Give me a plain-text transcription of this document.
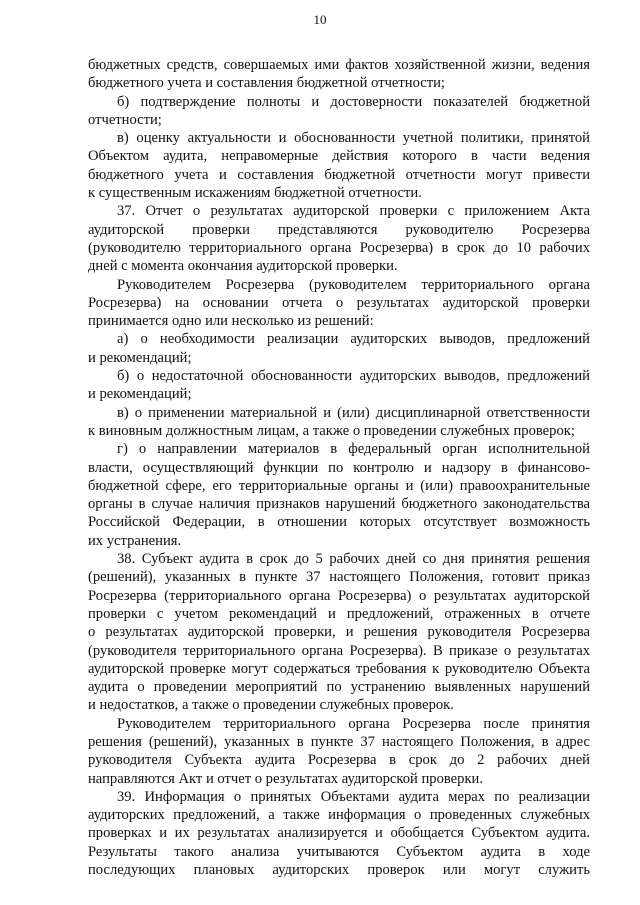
10
бюджетных средств, совершаемых ими фактов хозяйственной жизни, ведения
бюджетного учета и составления бюджетной отчетности;
б) подтверждение полноты и достоверности показателей бюджетной
отчетности;
в) оценку актуальности и обоснованности учетной политики, принятой
Объектом аудита, неправомерные действия которого в части ведения
бюджетного учета и составления бюджетной отчетности могут привести
к существенным искажениям бюджетной отчетности.
37. Отчет о результатах аудиторской проверки с приложением Акта
аудиторской проверки представляются руководителю Росрезерва
(руководителю территориального органа Росрезерва) в срок до 10 рабочих
дней с момента окончания аудиторской проверки.
Руководителем Росрезерва (руководителем территориального органа
Росрезерва) на основании отчета о результатах аудиторской проверки
принимается одно или несколько из решений:
а) о необходимости реализации аудиторских выводов, предложений
и рекомендаций;
б) о недостаточной обоснованности аудиторских выводов, предложений
и рекомендаций;
в) о применении материальной и (или) дисциплинарной ответственности
к виновным должностным лицам, а также о проведении служебных проверок;
г) о направлении материалов в федеральный орган исполнительной
власти, осуществляющий функции по контролю и надзору в финансово-
бюджетной сфере, его территориальные органы и (или) правоохранительные
органы в случае наличия признаков нарушений бюджетного законодательства
Российской Федерации, в отношении которых отсутствует возможность
их устранения.
38. Субъект аудита в срок до 5 рабочих дней со дня принятия решения
(решений), указанных в пункте 37 настоящего Положения, готовит приказ
Росрезерва (территориального органа Росрезерва) о результатах аудиторской
проверки с учетом рекомендаций и предложений, отраженных в отчете
о результатах аудиторской проверки, и решения руководителя Росрезерва
(руководителя территориального органа Росрезерва). В приказе о результатах
аудиторской проверке могут содержаться требования к руководителю Объекта
аудита о проведении мероприятий по устранению выявленных нарушений
и недостатков, а также о проведении служебных проверок.
Руководителем территориального органа Росрезерва после принятия
решения (решений), указанных в пункте 37 настоящего Положения, в адрес
руководителя Субъекта аудита Росрезерва в срок до 2 рабочих дней
направляются Акт и отчет о результатах аудиторской проверки.
39. Информация о принятых Объектами аудита мерах по реализации
аудиторских предложений, а также информация о проведенных служебных
проверках и их результатах анализируется и обобщается Субъектом аудита.
Результаты такого анализа учитываются Субъектом аудита в ходе
последующих плановых аудиторских проверок или могут служить
